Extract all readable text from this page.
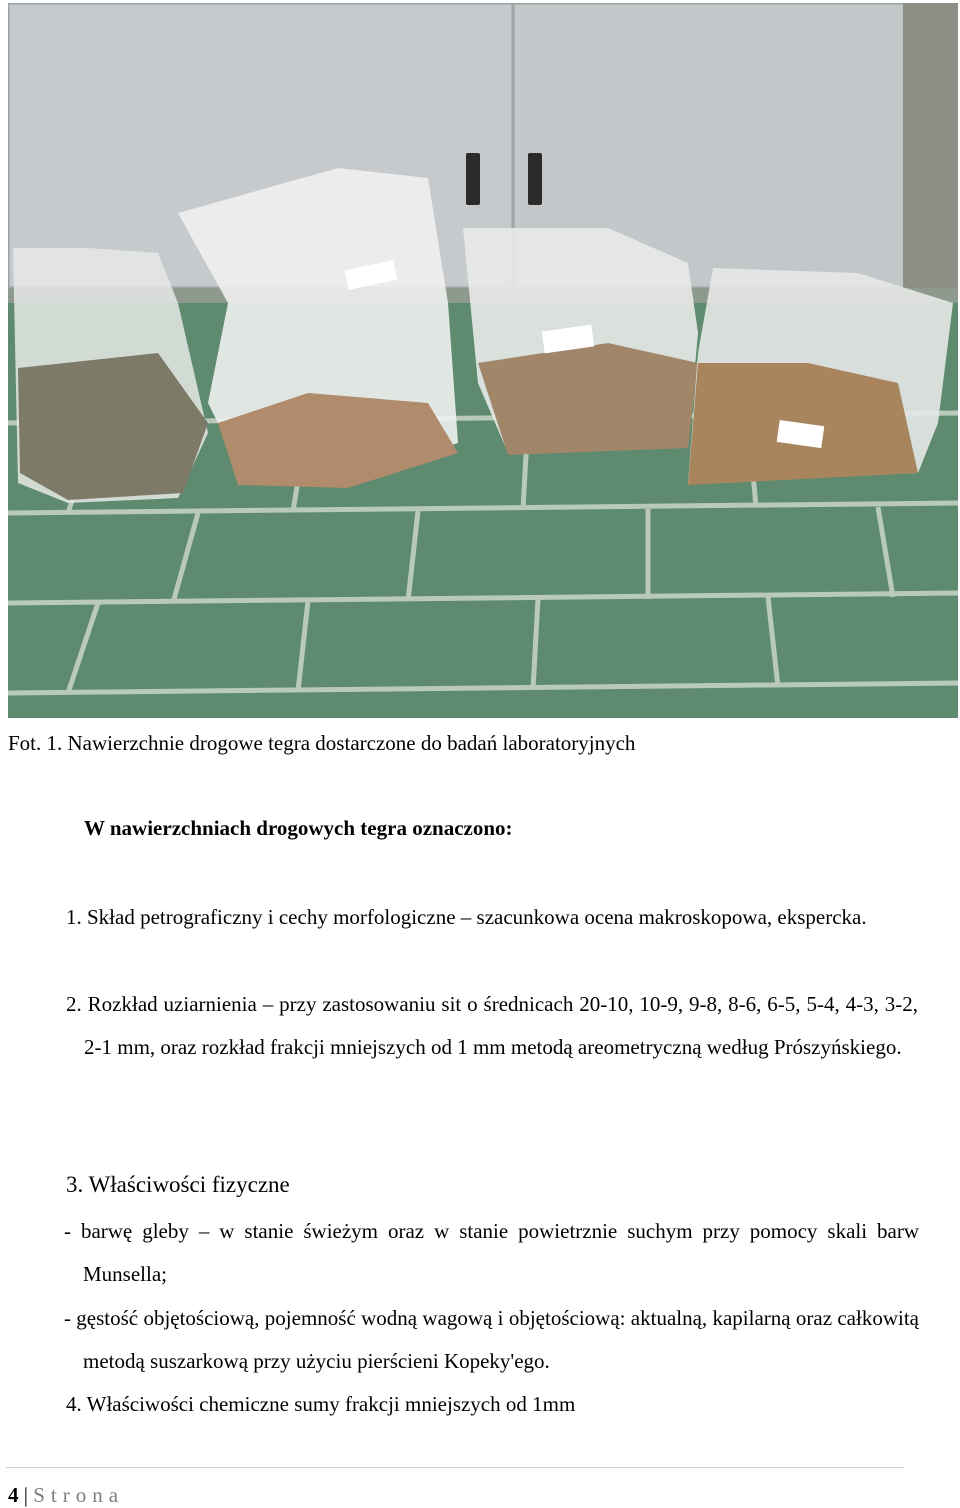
Fot. 1. Nawierzchnie drogowe tegra dostarczone do badań laboratoryjnych
W nawierzchniach drogowych tegra oznaczono:
1. Skład petrograficzny i cechy morfologiczne – szacunkowa ocena makroskopowa, ekspercka.
2. Rozkład uziarnienia – przy zastosowaniu sit o średnicach 20-10, 10-9, 9-8, 8-6, 6-5, 5-4, 4-3, 3-2, 2-1 mm, oraz rozkład frakcji mniejszych od 1 mm metodą areometryczną według Prószyńskiego.
3. Właściwości fizyczne
- barwę gleby – w stanie świeżym oraz w stanie powietrznie suchym przy pomocy skali barw Munsella;
- gęstość objętościową, pojemność wodną wagową i objętościową: aktualną, kapilarną oraz całkowitą metodą suszarkową przy użyciu pierścieni Kopeky'ego.
4. Właściwości chemiczne sumy frakcji mniejszych od 1mm
4 | Strona
